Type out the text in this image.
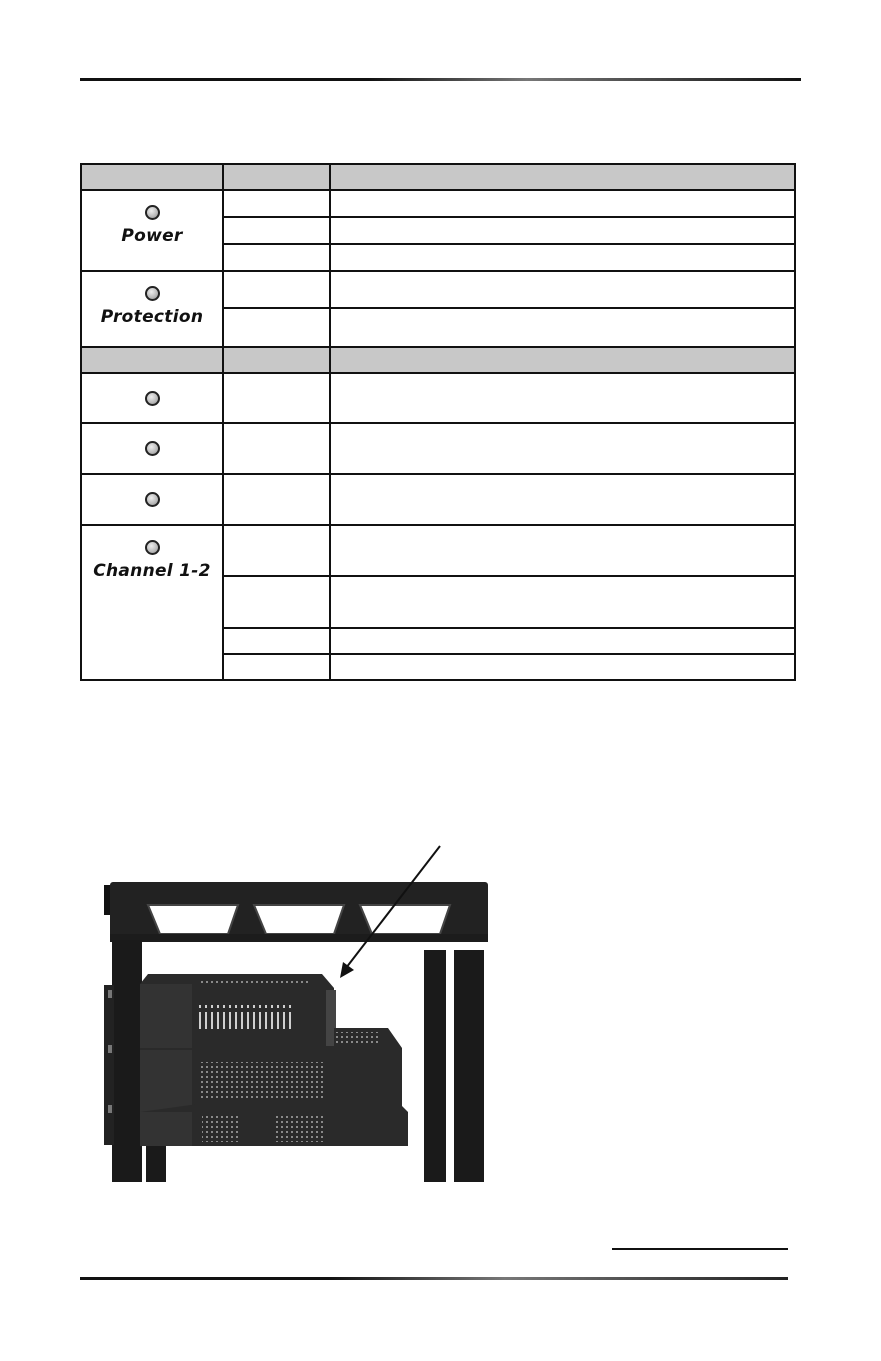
Power		

Protection		

Channel 1-2		
